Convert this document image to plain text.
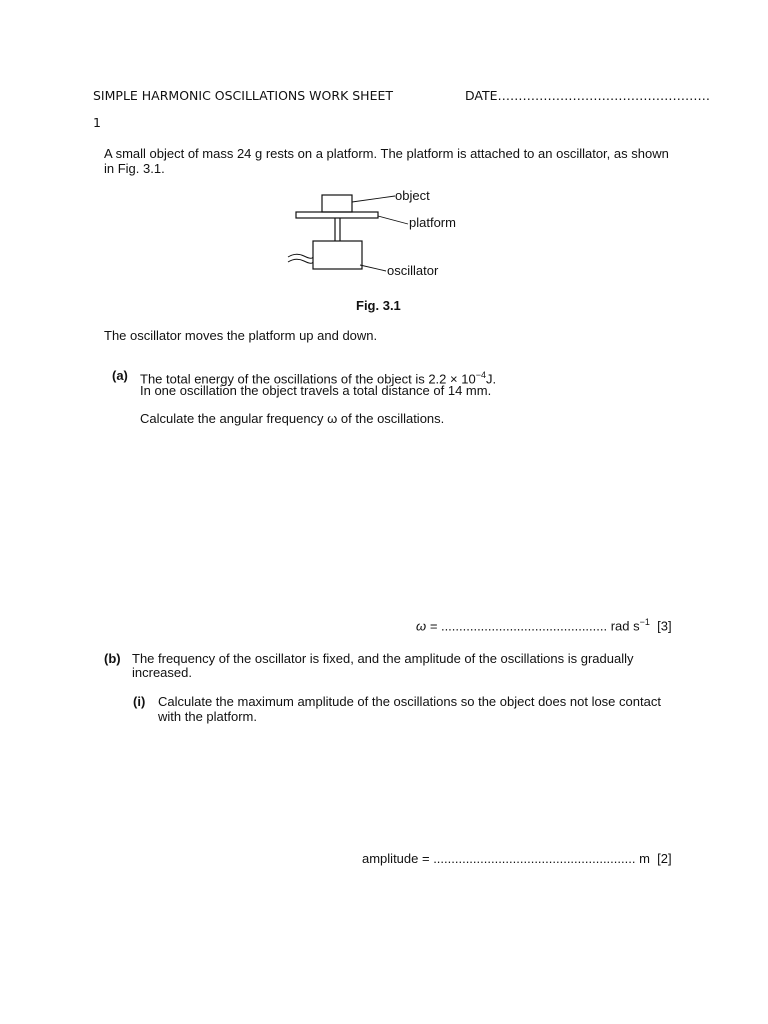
SIMPLE HARMONIC OSCILLATIONS WORK SHEET	DATE……………………………………………
1
A small object of mass 24 g rests on a platform. The platform is attached to an oscillator, as shown
in Fig. 3.1.
object
platform
oscillator
Fig. 3.1
The oscillator moves the platform up and down.
(a) The total energy of the oscillations of the object is $2.2 \times 10^{-4}J$.
In one oscillation the object travels a total distance of 14 mm.
Calculate the angular frequency ω of the oscillations.
ω = .............................................. rad $s^{-1}$ [3]
(b) The frequency of the oscillator is fixed, and the amplitude of the oscillations is gradually
increased.
(i) Calculate the maximum amplitude of the oscillations so the object does not lose contact
with the platform.
amplitude = ........................................................ m [2]
